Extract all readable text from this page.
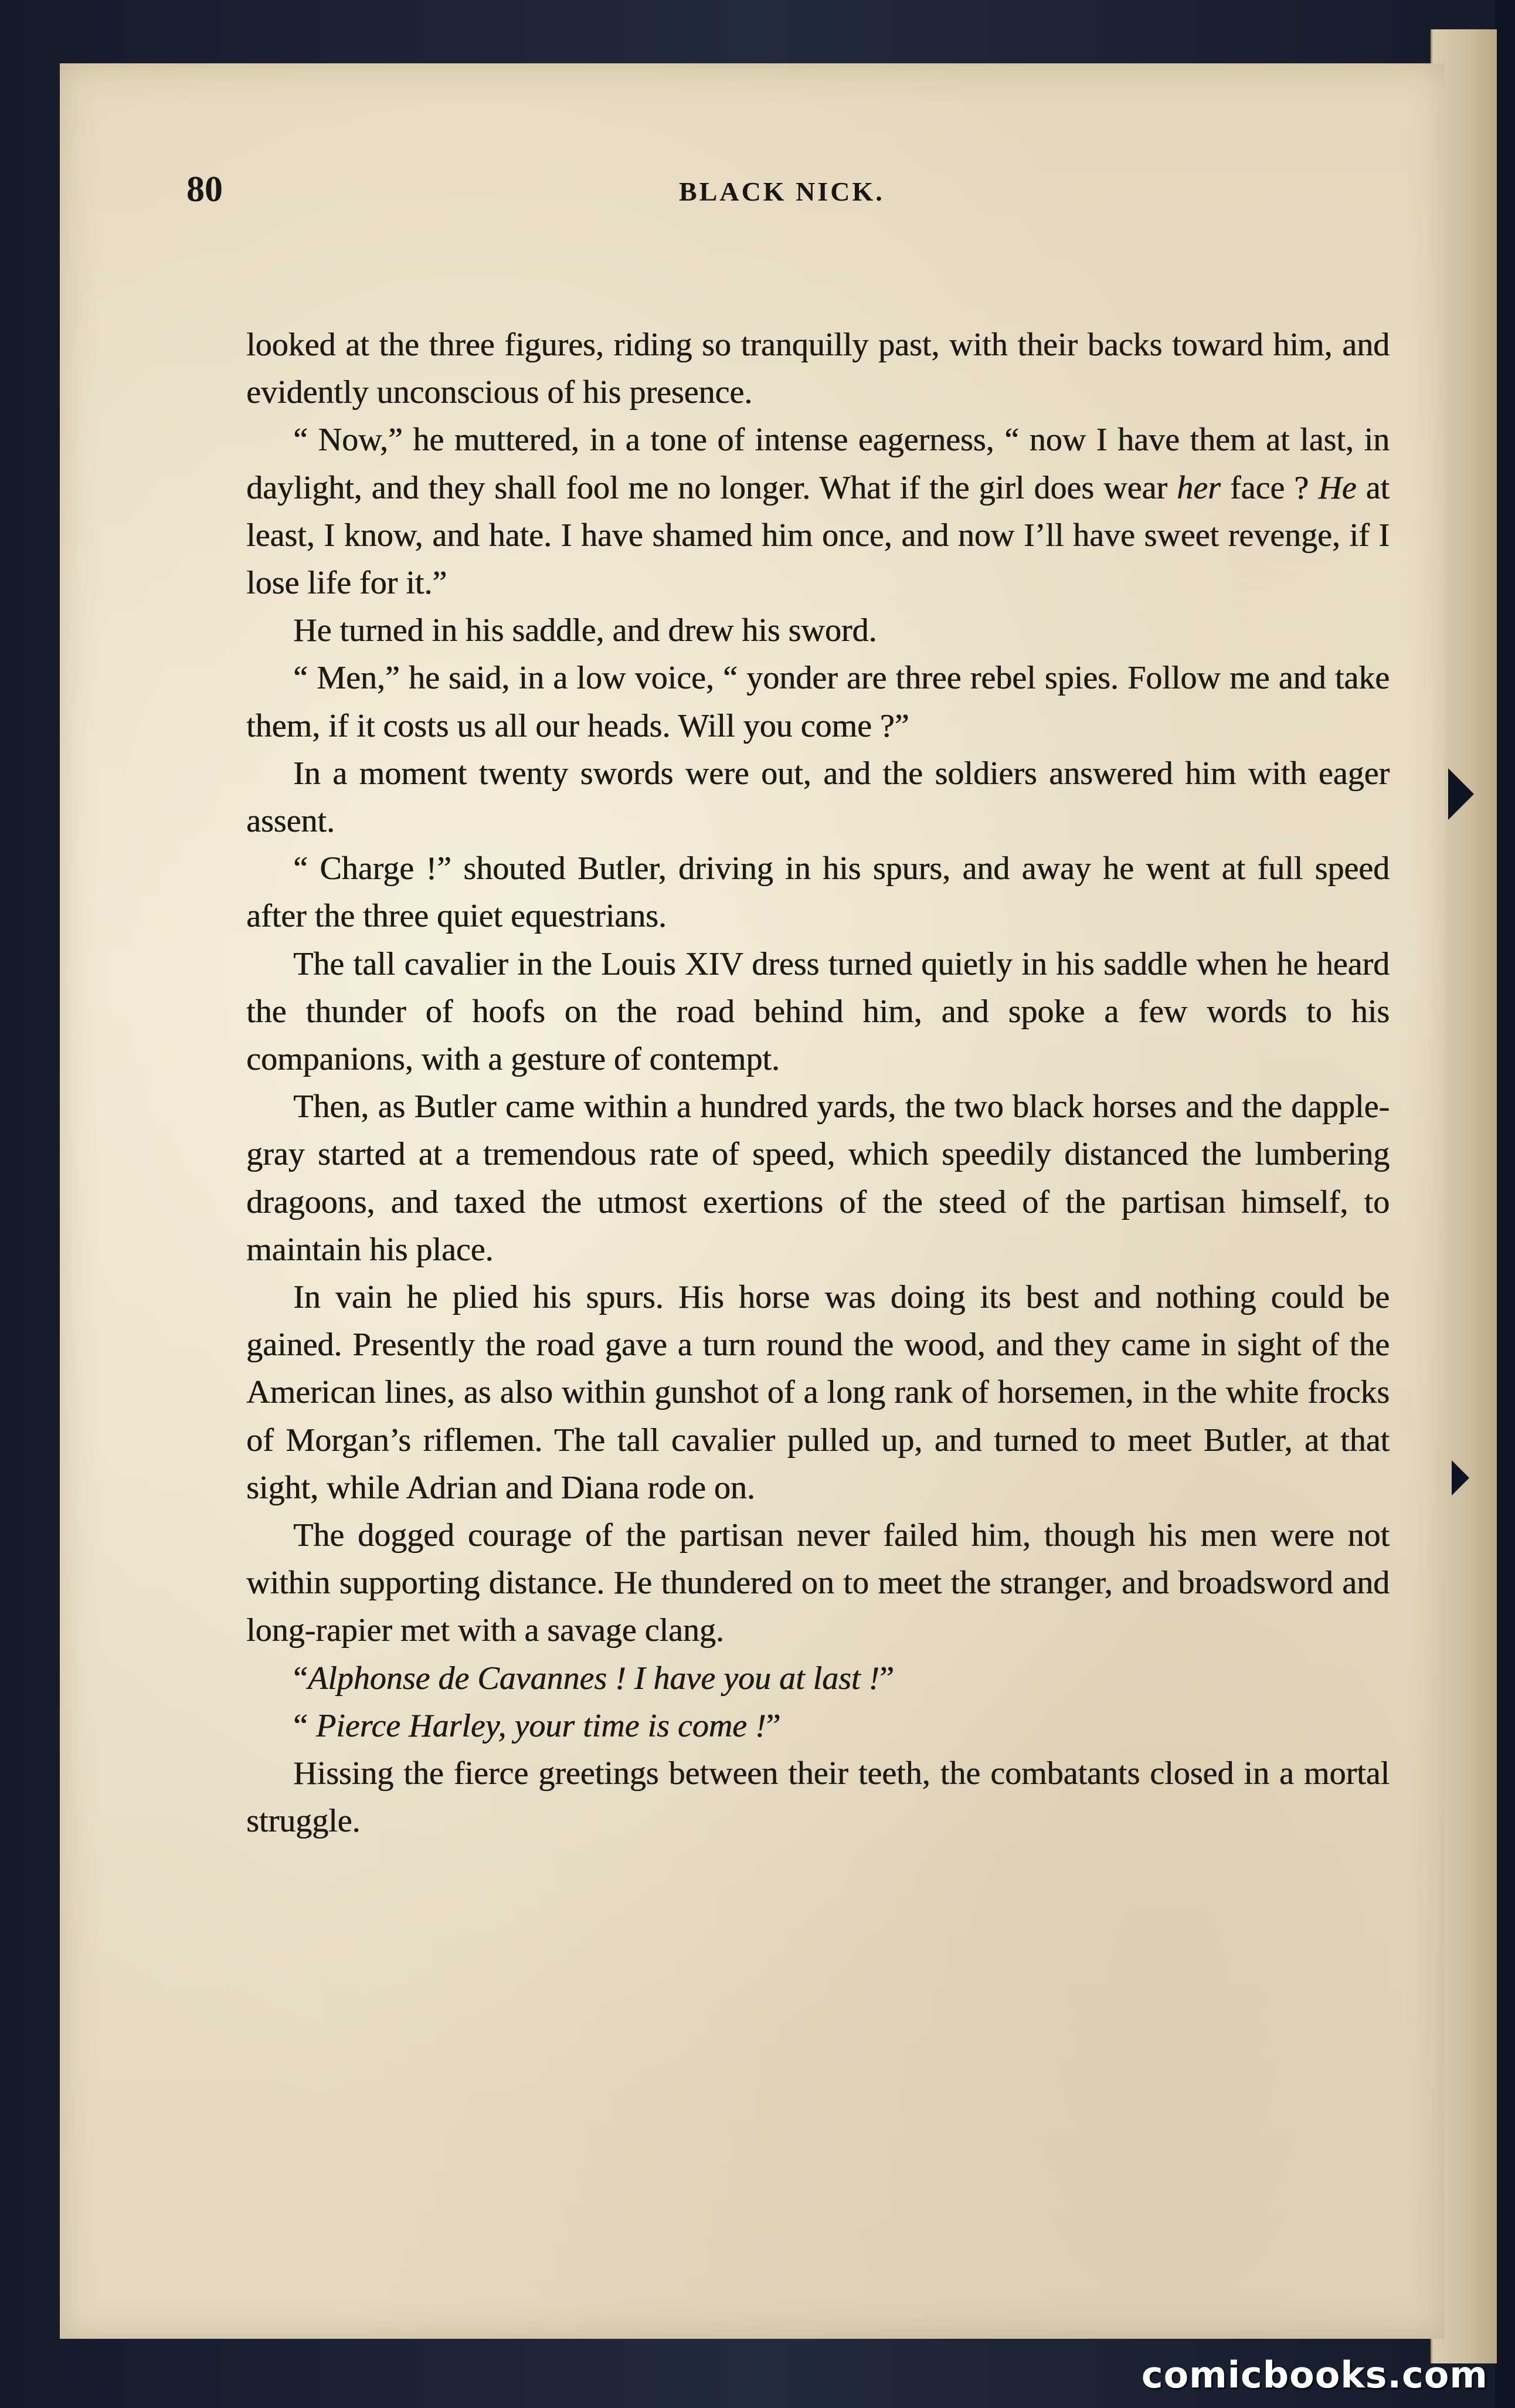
80	BLACK NICK.

looked at the three figures, riding so tranquilly past, with their backs toward him, and evidently unconscious of his presence.

“ Now,” he muttered, in a tone of intense eagerness, “ now I have them at last, in daylight, and they shall fool me no longer. What if the girl does wear her face ? He at least, I know, and hate. I have shamed him once, and now I’ll have sweet revenge, if I lose life for it.”

He turned in his saddle, and drew his sword.

“ Men,” he said, in a low voice, “ yonder are three rebel spies. Follow me and take them, if it costs us all our heads. Will you come ?”

In a moment twenty swords were out, and the soldiers answered him with eager assent.

“ Charge !” shouted Butler, driving in his spurs, and away he went at full speed after the three quiet equestrians.

The tall cavalier in the Louis XIV dress turned quietly in his saddle when he heard the thunder of hoofs on the road behind him, and spoke a few words to his companions, with a gesture of contempt.

Then, as Butler came within a hundred yards, the two black horses and the dapple-gray started at a tremendous rate of speed, which speedily distanced the lumbering dragoons, and taxed the utmost exertions of the steed of the partisan himself, to maintain his place.

In vain he plied his spurs. His horse was doing its best and nothing could be gained. Presently the road gave a turn round the wood, and they came in sight of the American lines, as also within gunshot of a long rank of horsemen, in the white frocks of Morgan’s riflemen. The tall cavalier pulled up, and turned to meet Butler, at that sight, while Adrian and Diana rode on.

The dogged courage of the partisan never failed him, though his men were not within supporting distance. He thundered on to meet the stranger, and broadsword and long-rapier met with a savage clang.

“Alphonse de Cavannes ! I have you at last !”

“ Pierce Harley, your time is come !”

Hissing the fierce greetings between their teeth, the combatants closed in a mortal struggle.

comicbooks.com
